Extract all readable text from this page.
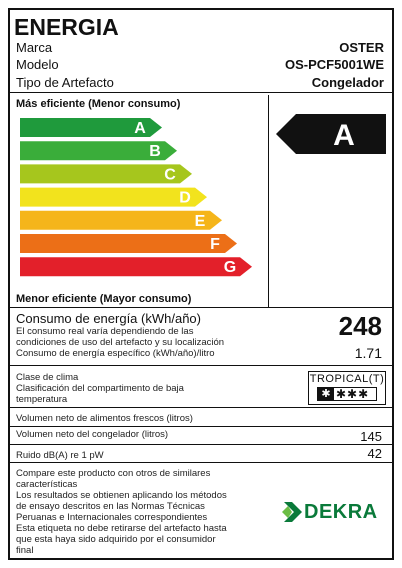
ENERGIA
Marca	OSTER
Modelo	OS-PCF5001WE
Tipo de Artefacto	Congelador
Más eficiente (Menor consumo)
A
B
C
D
E
F
G
A
Menor eficiente (Mayor consumo)
Consumo de energía (kWh/año)
El consumo real varía dependiendo de las
condiciones de uso del artefacto y su localización
Consumo de energía específico (kWh/año)/litro
248
1.71
Clase de clima
Clasificación del compartimento de baja
temperatura
TROPICAL(T)
✱ ✱✱✱
Volumen neto de alimentos frescos (litros)
Volumen neto del congelador (litros)	145
Ruido dB(A) re 1 pW	42
Compare este producto con otros de similares
características
Los resultados se obtienen aplicando los métodos
de ensayo descritos en las Normas Técnicas
Peruanas e Internacionales correspondientes
Esta etiqueta no debe retirarse del artefacto hasta
que esta haya sido adquirido por el consumidor
final
DEKRA
